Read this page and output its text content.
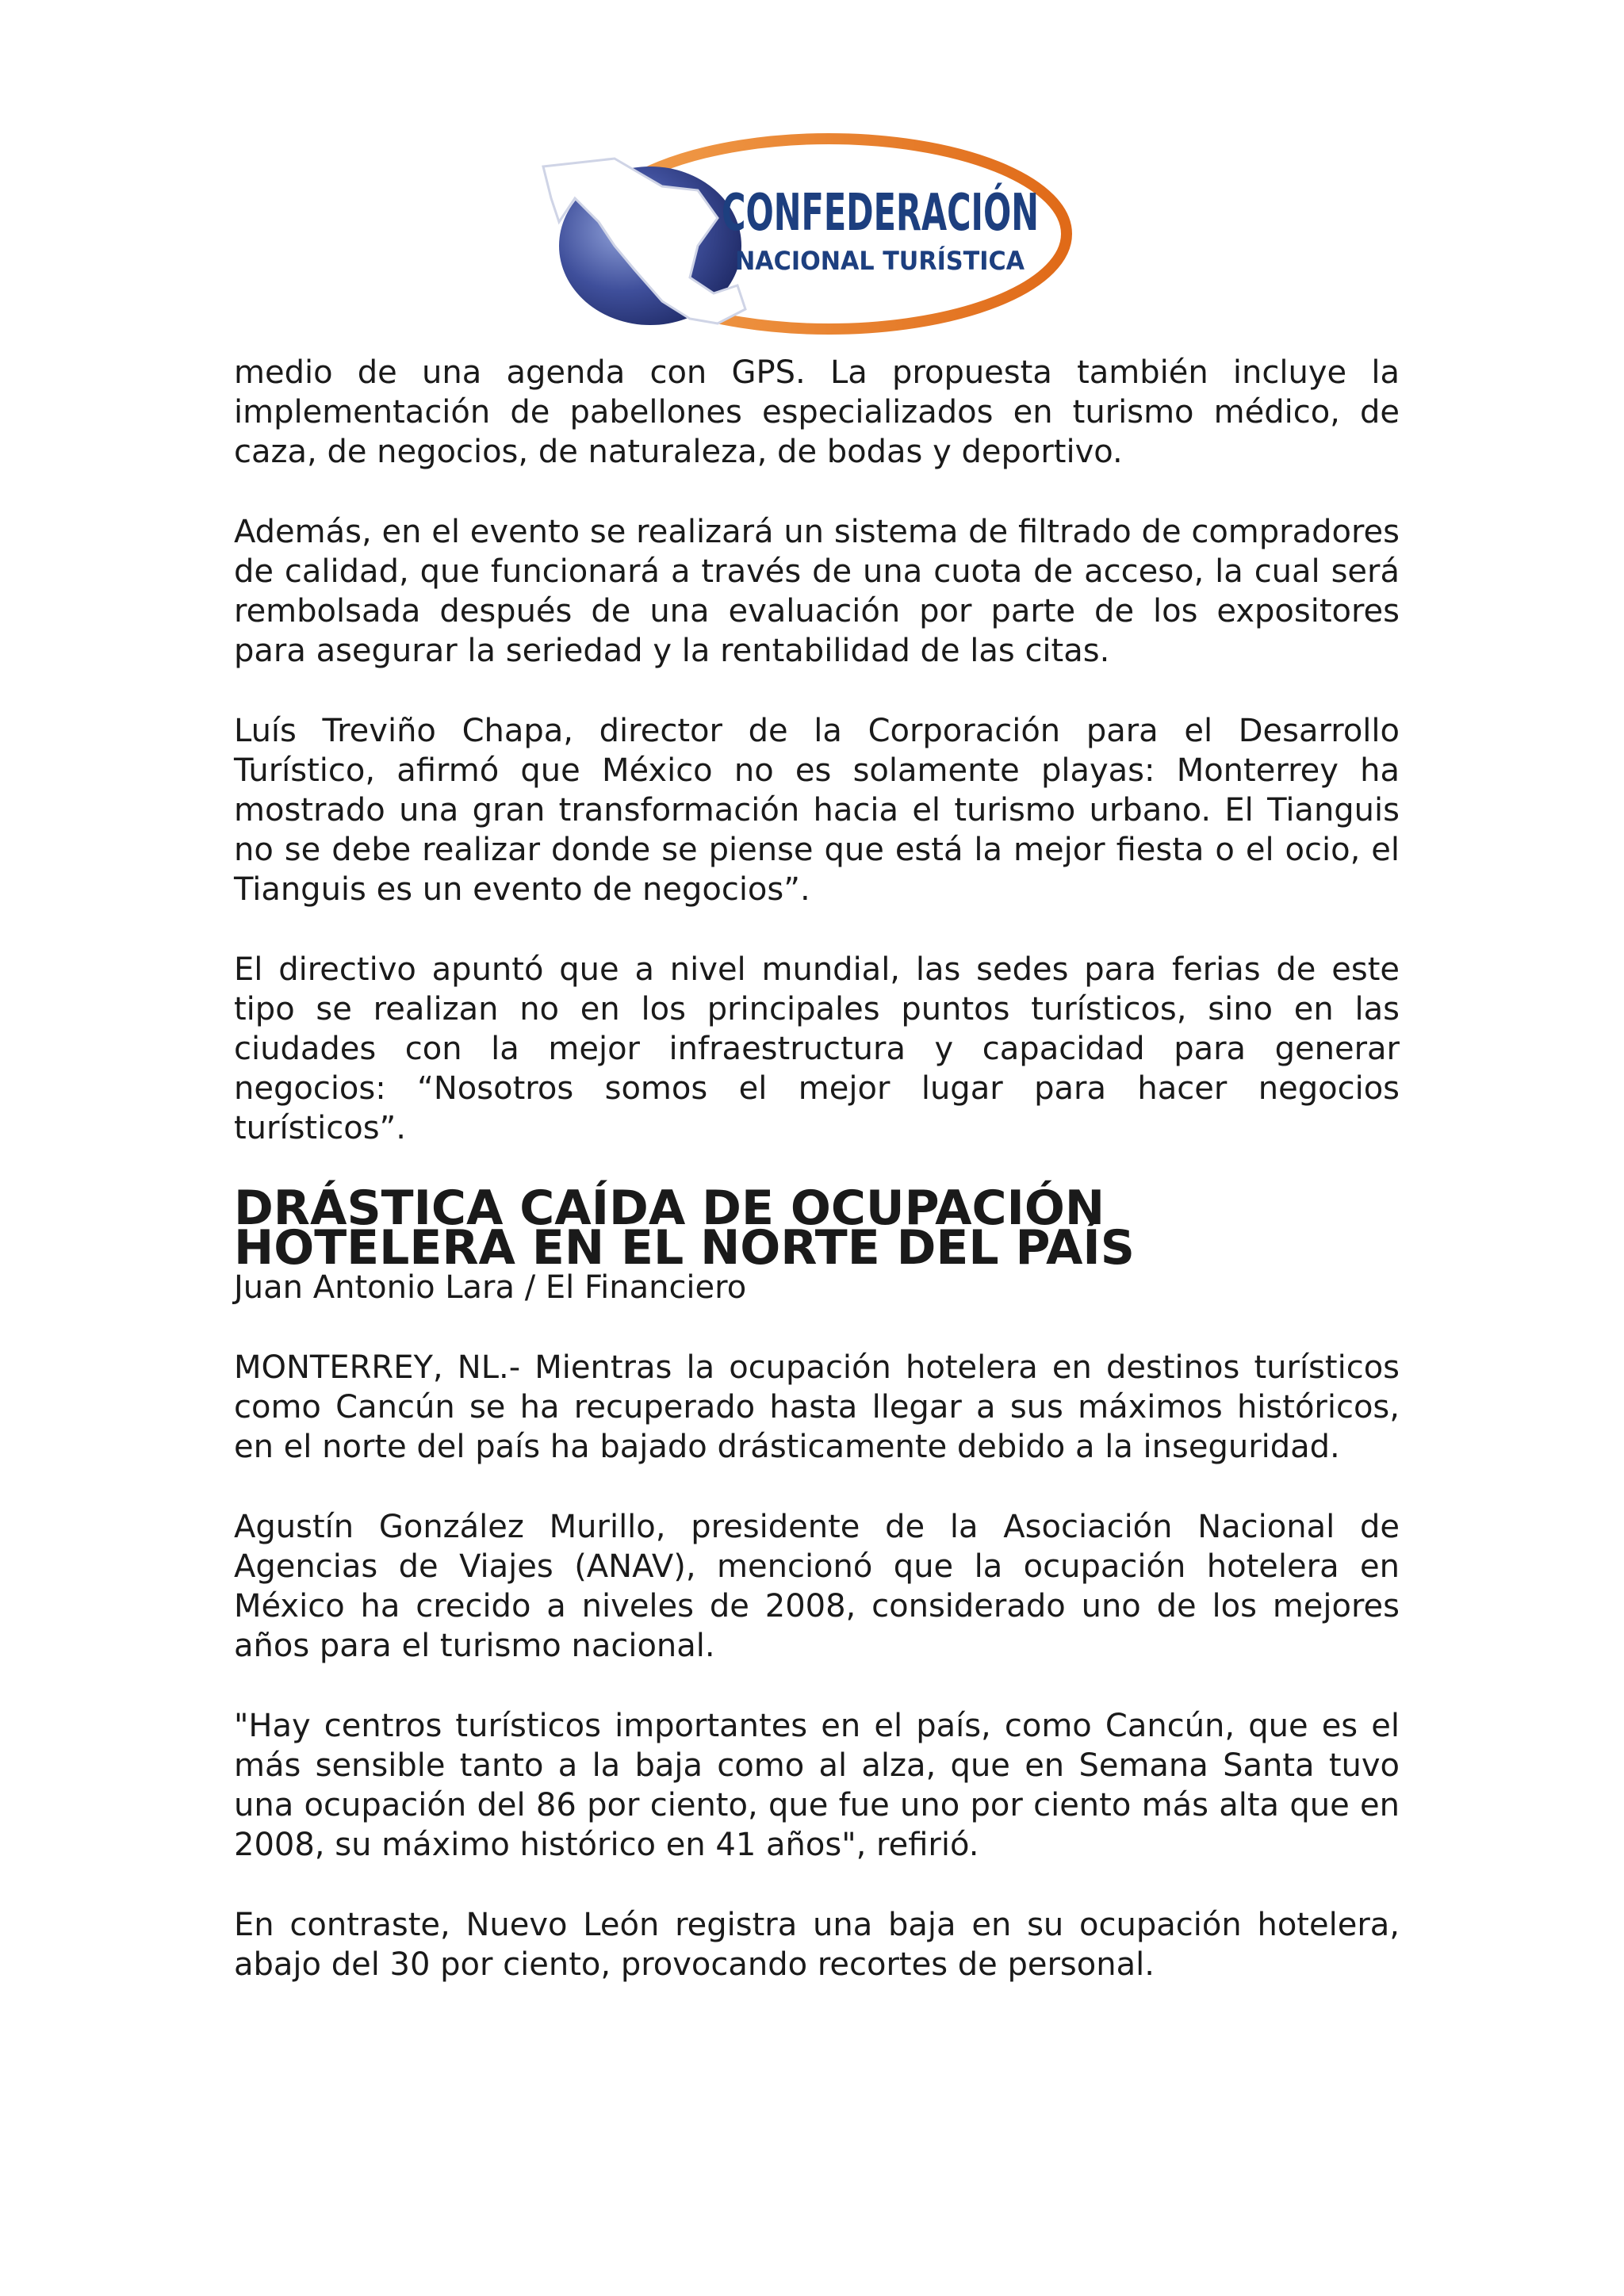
CONFEDERACIÓN
NACIONAL TURÍSTICA

medio de una agenda con GPS. La propuesta también incluye la implementación de pabellones especializados en turismo médico, de caza, de negocios, de naturaleza, de bodas y deportivo.

Además, en el evento se realizará un sistema de filtrado de compradores de calidad, que funcionará a través de una cuota de acceso, la cual será rembolsada después de una evaluación por parte de los expositores para asegurar la seriedad y la rentabilidad de las citas.

Luís Treviño Chapa, director de la Corporación para el Desarrollo Turístico, afirmó que México no es solamente playas: Monterrey ha mostrado una gran transformación hacia el turismo urbano. El Tianguis no se debe realizar donde se piense que está la mejor fiesta o el ocio, el Tianguis es un evento de negocios”.

El directivo apuntó que a nivel mundial, las sedes para ferias de este tipo se realizan no en los principales puntos turísticos, sino en las ciudades con la mejor infraestructura y capacidad para generar negocios: “Nosotros somos el mejor lugar para hacer negocios turísticos”.

DRÁSTICA CAÍDA DE OCUPACIÓN HOTELERA EN EL NORTE DEL PAÍS

Juan Antonio Lara / El Financiero

MONTERREY, NL.- Mientras la ocupación hotelera en destinos turísticos como Cancún se ha recuperado hasta llegar a sus máximos históricos, en el norte del país ha bajado drásticamente debido a la inseguridad.

Agustín González Murillo, presidente de la Asociación Nacional de Agencias de Viajes (ANAV), mencionó que la ocupación hotelera en México ha crecido a niveles de 2008, considerado uno de los mejores años para el turismo nacional.

"Hay centros turísticos importantes en el país, como Cancún, que es el más sensible tanto a la baja como al alza, que en Semana Santa tuvo una ocupación del 86 por ciento, que fue uno por ciento más alta que en 2008, su máximo histórico en 41 años", refirió.

En contraste, Nuevo León registra una baja en su ocupación hotelera, abajo del 30 por ciento, provocando recortes de personal.
